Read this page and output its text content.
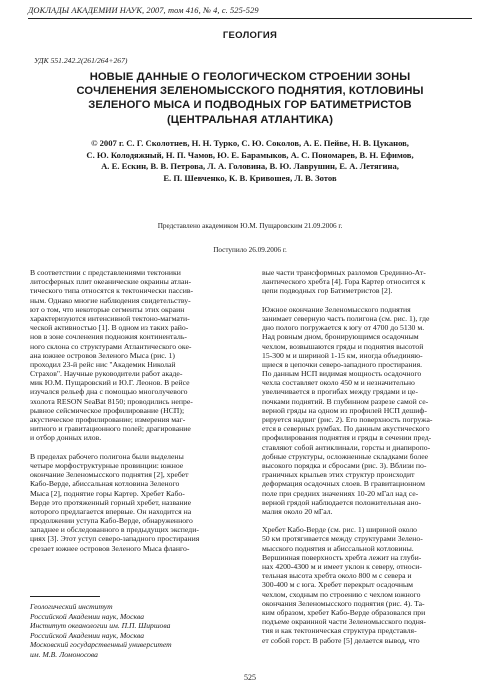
ДОКЛАДЫ АКАДЕМИИ НАУК, 2007, том 416, № 4, с. 525-529
ГЕОЛОГИЯ
УДК 551.242.2(261/264+267)
НОВЫЕ ДАННЫЕ О ГЕОЛОГИЧЕСКОМ СТРОЕНИИ ЗОНЫ
СОЧЛЕНЕНИЯ ЗЕЛЕНОМЫССКОГО ПОДНЯТИЯ, КОТЛОВИНЫ
ЗЕЛЕНОГО МЫСА И ПОДВОДНЫХ ГОР БАТИМЕТРИСТОВ
(ЦЕНТРАЛЬНАЯ АТЛАНТИКА)
© 2007 г. С. Г. Сколотнев, Н. Н. Турко, С. Ю. Соколов, А. Е. Пейве, Н. В. Цуканов,
С. Ю. Колодяжный, Н. П. Чамов, Ю. Е. Барамыков, А. С. Пономарев, В. Н. Ефимов,
А. Е. Ескин, В. В. Петрова, Л. А. Головина, В. Ю. Лаврушин, Е. А. Летягина,
Е. П. Шевченко, К. В. Кривошея, Л. В. Зотов
Представлено академиком Ю.М. Пущаровским 21.09.2006 г.
Поступило 26.09.2006 г.
В соответствии с представлениями тектоники
литосферных плит океанические окраины атлан-
тического типа относятся к тектонически пассив-
ным. Однако многие наблюдения свидетельству-
ют о том, что некоторые сегменты этих окраин
характеризуются интенсивной тектоно-магмати-
ческой активностью [1]. В одном из таких райо-
нов в зоне сочленения подножия континенталь-
ного склона со структурами Атлантического оке-
ана южнее островов Зеленого Мыса (рис. 1)
проходил 23-й рейс нис "Академик Николай
Страхов". Научные руководители работ акаде-
мик Ю.М. Пущаровский и Ю.Г. Леонов. В рейсе
изучался рельеф дна с помощью многолучевого
эхолота RESON SeaBat 8150; проводились непре-
рывное сейсмическое профилирование (НСП);
акустическое профилирование; измерения маг-
нитного и гравитационного полей; драгирование
и отбор донных илов.
В пределах рабочего полигона были выделены
четыре морфоструктурные провинции: южное
окончание Зеленомысского поднятия [2], хребет
Кабо-Верде, абиссальная котловина Зеленого
Мыса [2], поднятие горы Картер. Хребет Кабо-
Верде это протяженный горный хребет, название
которого предлагается впервые. Он находится на
продолжении уступа Кабо-Верде, обнаруженного
западнее и обследованного в предыдущих экспеди-
циях [3]. Этот уступ северо-западного простирания
срезает южнее островов Зеленого Мыса фланго-
вые части трансформных разломов Срединно-Ат-
лантического хребта [4]. Гора Картер относится к
цепи подводных гор Батиметристов [2].
Южное окончание Зеленомысского поднятия
занимает северную часть полигона (см. рис. 1), где
дно полого погружается к югу от 4700 до 5130 м.
Над ровным дном, бронирующимся осадочным
чехлом, возвышаются гряды и поднятия высотой
15-300 м и шириной 1-15 км, иногда объединяю-
щиеся в цепочки северо-западного простирания.
По данным НСП видимая мощность осадочного
чехла составляет около 450 м и незначительно
увеличивается в прогибах между грядами и це-
почками поднятий. В глубинном разрезе самой се-
верной гряды на одном из профилей НСП дешиф-
рируется надвиг (рис. 2). Его поверхность погружа-
ется в северных румбах. По данным акустического
профилирования поднятия и гряды в сечении пред-
ставляют собой антиклинали, горсты и диапиропо-
добные структуры, осложненные складками более
высокого порядка и сбросами (рис. 3). Вблизи по-
граничных крыльев этих структур происходит
деформация осадочных слоев. В гравитационном
поле при средних значениях 10-20 мГал над се-
верной грядой наблюдается положительная ано-
малия около 20 мГал.
Хребет Кабо-Верде (см. рис. 1) шириной около
50 км протягивается между структурами Зелено-
мысского поднятия и абиссальной котловины.
Вершинная поверхность хребта лежит на глуби-
нах 4200-4300 м и имеет уклон к северу, относи-
тельная высота хребта около 800 м с севера и
300-400 м с юга. Хребет перекрыт осадочным
чехлом, сходным по строению с чехлом южного
окончания Зеленомысского поднятия (рис. 4). Та-
ким образом, хребет Кабо-Верде образовался при
подъеме окраинной части Зеленомысского подня-
тия и как тектоническая структура представля-
ет собой горст. В работе [5] делается вывод, что
Геологический институт
Российской Академии наук, Москва
Институт океанологии им. П.П. Ширшова
Российской Академии наук, Москва
Московский государственный университет
им. М.В. Ломоносова
525
